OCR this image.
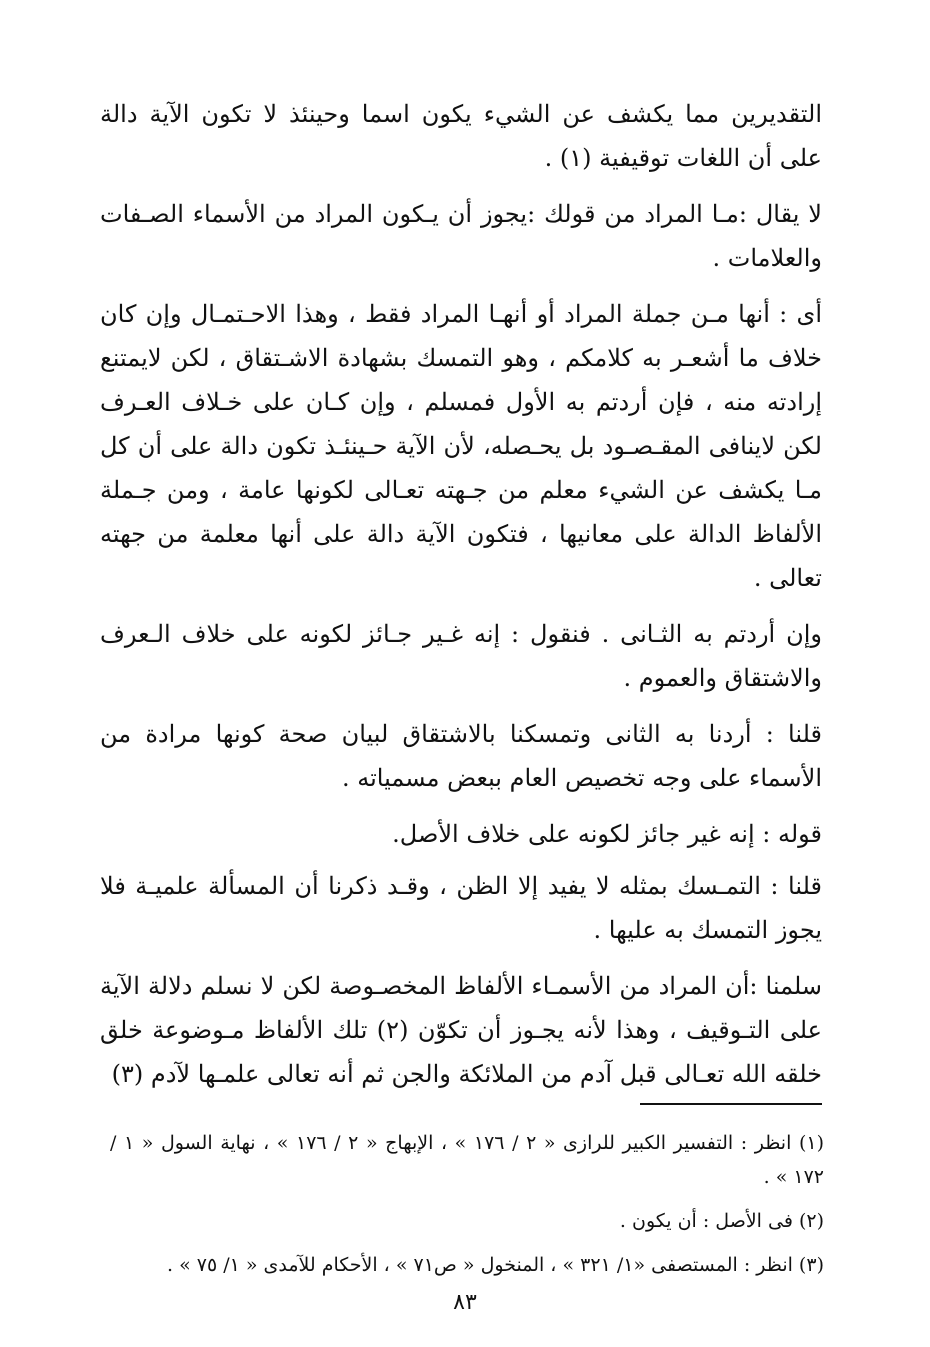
التقديرين مما يكشف عن الشيء يكون اسما وحينئذ لا تكون الآية دالة على أن اللغات توقيفية (١) .

لا يقال :مـا المراد من قولك :يجوز أن يـكون المراد من الأسماء الصـفات والعلامات .

أى : أنها مـن جملة المراد أو أنهـا المراد فقط ، وهذا الاحـتمـال وإن كان خلاف ما أشعـر به كلامكم ، وهو التمسك بشهادة الاشـتقاق ، لكن لايمتنع إرادته منه ، فإن أردتم به الأول فمسلم ، وإن كـان على خـلاف العـرف لكن لاينافى المقـصـود بل يحـصله، لأن الآية حـينئـذ تكون دالة على أن كل مـا يكشف عن الشيء معلم من جـهته تعـالى لكونها عامة ، ومن جـملة الألفاظ الدالة على معانيها ، فتكون الآية دالة على أنها معلمة من جهته تعالى .

وإن أردتم به الثـانى . فنقول : إنه غـير جـائز لكونه على خلاف الـعرف والاشتقاق والعموم .

قلنا : أردنا به الثانى وتمسكنا بالاشتقاق لبيان صحة كونها مرادة من الأسماء على وجه تخصيص العام ببعض مسمياته .

قوله : إنه غير جائز لكونه على خلاف الأصل.

قلنا : التمـسك بمثله لا يفيد إلا الظن ، وقـد ذكرنا أن المسألة علميـة فلا يجوز التمسك به عليها .

سلمنا :أن المراد من الأسمـاء الألفاظ المخصـوصة لكن لا نسلم دلالة الآية على التـوقيف ، وهذا لأنه يجـوز أن تكوّن (٢) تلك الألفاظ مـوضوعة خلق خلقه الله تعـالى قبل آدم من الملائكة والجن ثم أنه تعالى علمـها لآدم (٣)

(١) انظر : التفسير الكبير للرازى « ٢ / ١٧٦ » ، الإبهاج « ٢ / ١٧٦ » ، نهاية السول « ١ / ١٧٢ » .

(٢) فى الأصل : أن يكون .

(٣) انظر : المستصفى «١/ ٣٢١ » ، المنخول « ص٧١ » ، الأحكام للآمدى « ١/ ٧٥ » .

٨٣
